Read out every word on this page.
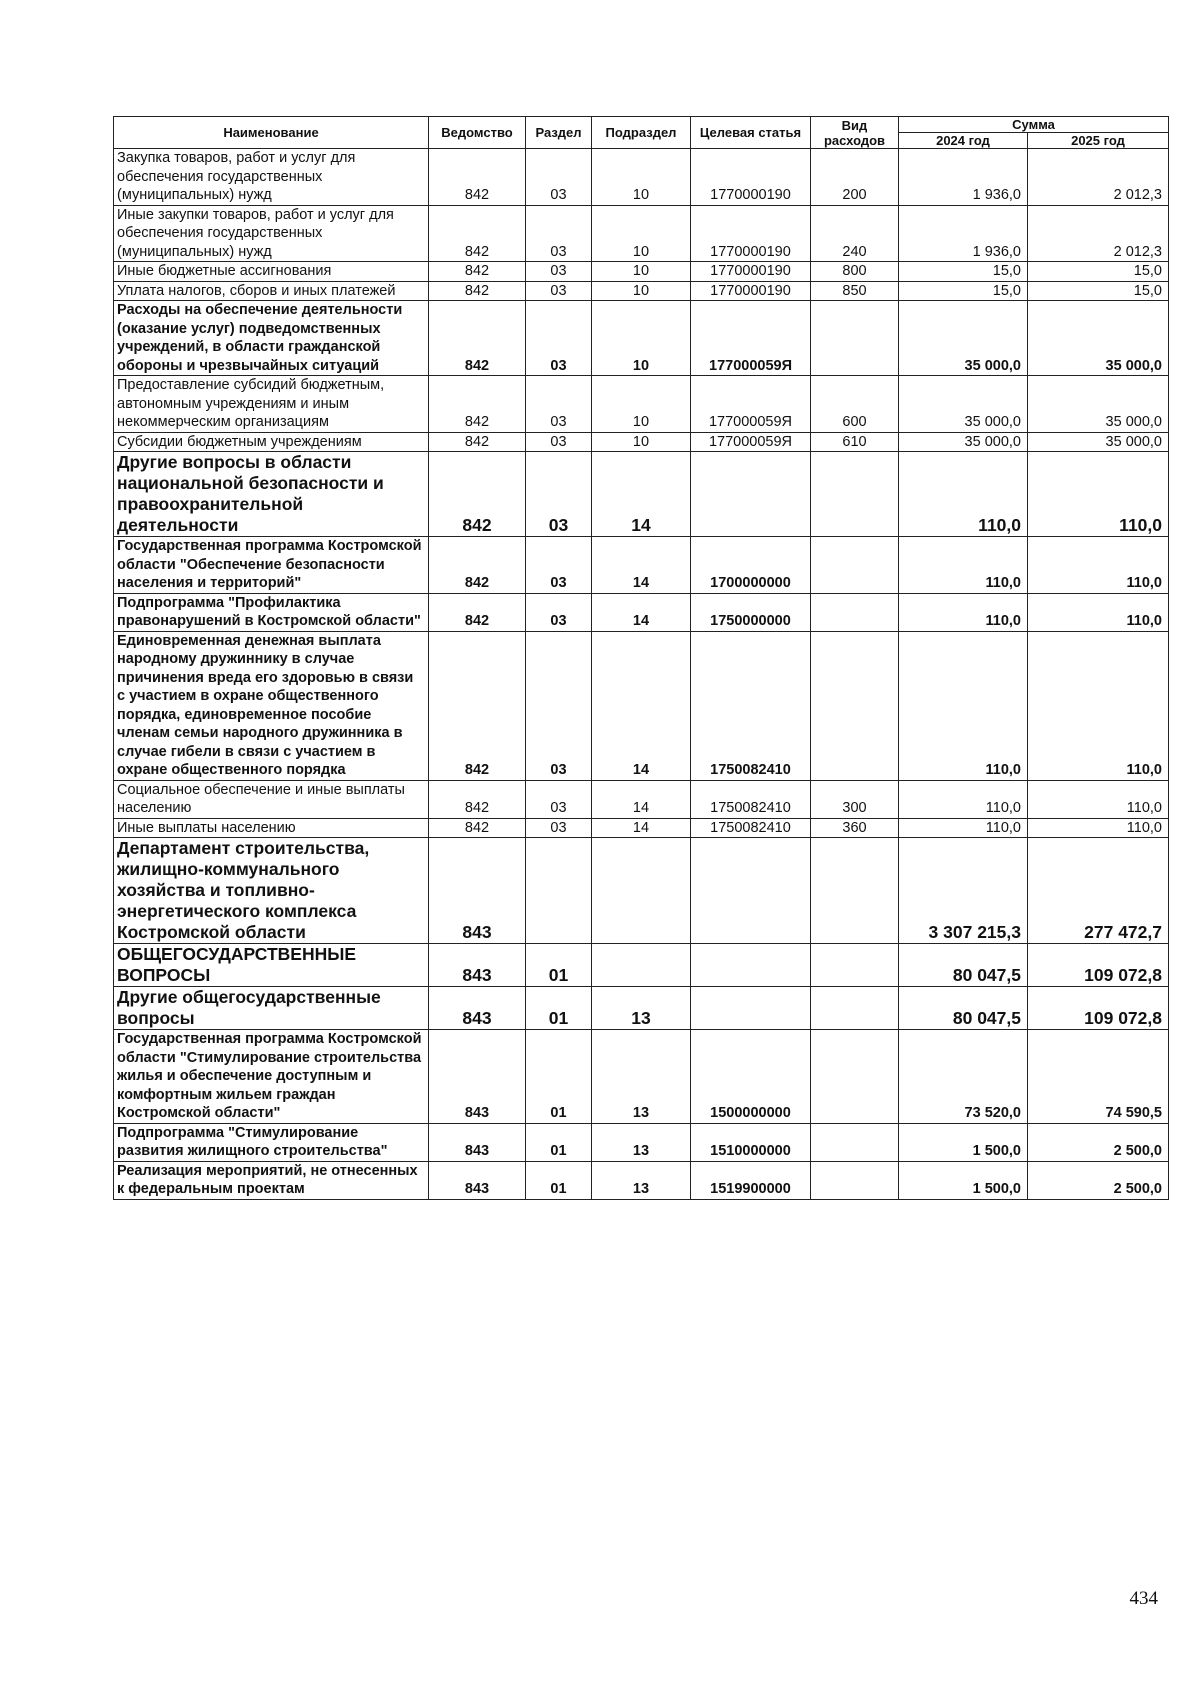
Наименование	Ведомство	Раздел	Подраздел	Целевая статья	Вид расходов	Сумма	
						2024 год	2025 год
Закупка товаров, работ и услуг для обеспечения государственных (муниципальных) нужд	842	03	10	1770000190	200	1 936,0	2 012,3
Иные закупки товаров, работ и услуг для обеспечения государственных (муниципальных) нужд	842	03	10	1770000190	240	1 936,0	2 012,3
Иные бюджетные ассигнования	842	03	10	1770000190	800	15,0	15,0
Уплата налогов, сборов и иных платежей	842	03	10	1770000190	850	15,0	15,0
Расходы на обеспечение деятельности (оказание услуг) подведомственных учреждений, в области гражданской обороны и чрезвычайных ситуаций	842	03	10	177000059Я		35 000,0	35 000,0
Предоставление субсидий бюджетным, автономным учреждениям и иным некоммерческим организациям	842	03	10	177000059Я	600	35 000,0	35 000,0
Субсидии бюджетным учреждениям	842	03	10	177000059Я	610	35 000,0	35 000,0
Другие вопросы в области национальной безопасности и правоохранительной деятельности	842	03	14			110,0	110,0
Государственная программа Костромской области "Обеспечение безопасности населения и территорий"	842	03	14	1700000000		110,0	110,0
Подпрограмма "Профилактика правонарушений в Костромской области"	842	03	14	1750000000		110,0	110,0
Единовременная денежная выплата народному дружиннику в случае причинения вреда его здоровью в связи с участием в охране общественного порядка, единовременное пособие членам семьи народного дружинника в случае гибели в связи с участием в охране общественного порядка	842	03	14	1750082410		110,0	110,0
Социальное обеспечение и иные выплаты населению	842	03	14	1750082410	300	110,0	110,0
Иные выплаты населению	842	03	14	1750082410	360	110,0	110,0
Департамент строительства, жилищно-коммунального хозяйства и топливно-энергетического комплекса Костромской области	843					3 307 215,3	277 472,7
ОБЩЕГОСУДАРСТВЕННЫЕ ВОПРОСЫ	843	01				80 047,5	109 072,8
Другие общегосударственные вопросы	843	01	13			80 047,5	109 072,8
Государственная программа Костромской области "Стимулирование строительства жилья и обеспечение доступным и комфортным жильем граждан Костромской области"	843	01	13	1500000000		73 520,0	74 590,5
Подпрограмма "Стимулирование развития жилищного строительства"	843	01	13	1510000000		1 500,0	2 500,0
Реализация мероприятий, не отнесенных к федеральным проектам	843	01	13	1519900000		1 500,0	2 500,0
434
